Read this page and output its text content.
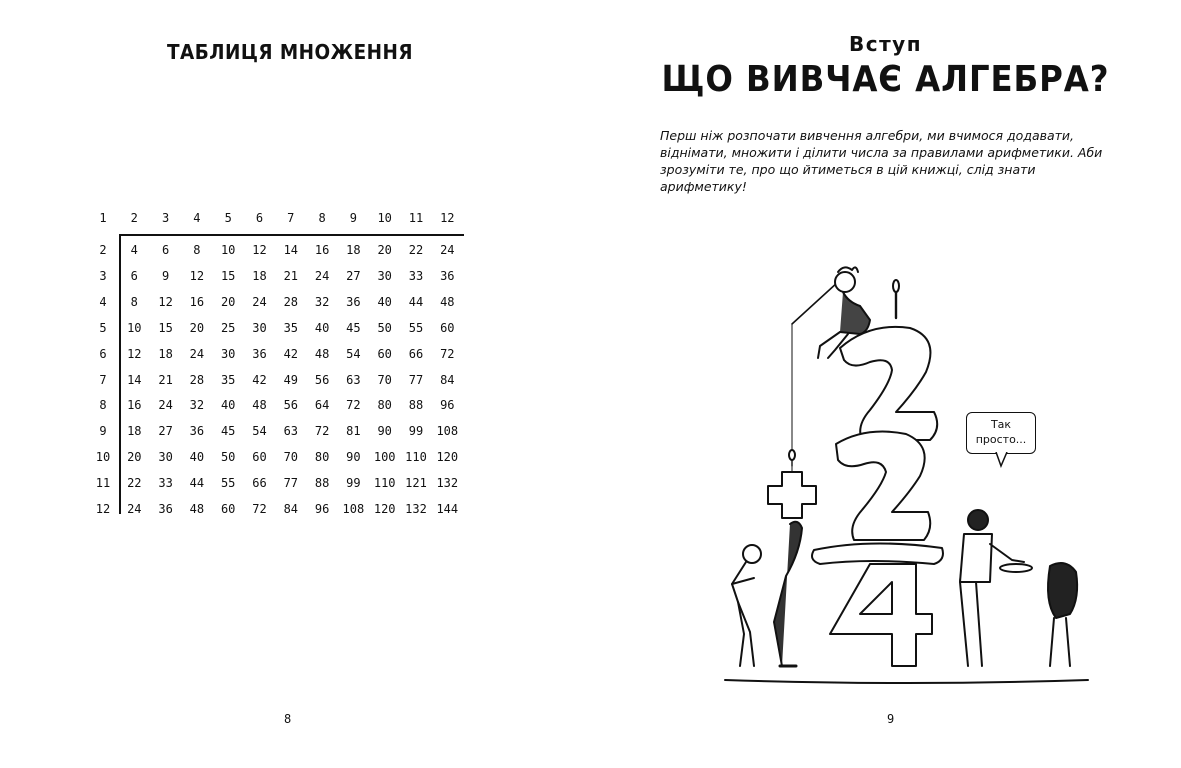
ТАБЛИЦЯ МНОЖЕННЯ
1	2	3	4	5	6	7	8	9	10	11	12
2	4	6	8	10	12	14	16	18	20	22	24
3	6	9	12	15	18	21	24	27	30	33	36
4	8	12	16	20	24	28	32	36	40	44	48
5	10	15	20	25	30	35	40	45	50	55	60
6	12	18	24	30	36	42	48	54	60	66	72
7	14	21	28	35	42	49	56	63	70	77	84
8	16	24	32	40	48	56	64	72	80	88	96
9	18	27	36	45	54	63	72	81	90	99	108
10	20	30	40	50	60	70	80	90	100 110 120
11	22	33	44	55	66	77	88	99	110 121 132
12	24	36	48	60	72	84	96	108 120 132 144
8
Вступ
ЩО ВИВЧАЄ АЛГЕБРА?
Перш ніж розпочати вивчення алгебри, ми вчимося додавати, віднімати, множити і ділити числа за правилами арифметики. Аби зрозуміти те, про що йтиметься в цій книжці, слід знати арифметику!
Так просто...
9
